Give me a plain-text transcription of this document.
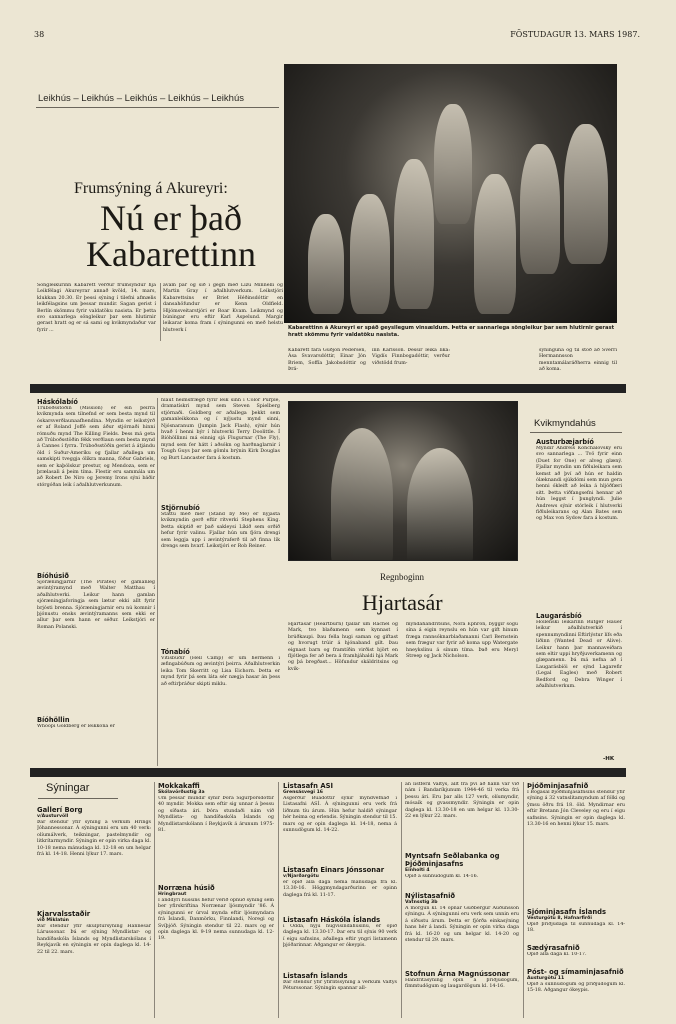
38	FÖSTUDAGUR 13. MARS 1987.
Leikhús – Leikhús – Leikhús – Leikhús – Leikhús
Frumsýning á Akureyri:
Nú er það
Kabarettinn
Söngleikurinn Kabarett verður frumsýndur hjá Leikfélagi Akureyrar annað kvöld, 14. mars, klukkan 20.30. Er þessi sýning í tilefni afmælis leikfélagsins um þessar mundir. Sagan gerist í Berlín skömmu fyrir valdatöku nasista. Er þetta svo sannarlega söngleikur þar sem hlutirnir gerast hratt og er sá sami og kvikmyndaður var fyrir ...
ávam þar og síð í gegn með Lizu Minnelli og Martin Gray í aðalhlutverkum. Leikstjóri Kabarettsins er Briet Héðinsdóttir en dansahöfundur er Kenn Oldfield. Hljómsveitarstjóri er Roar Kvam. Leikmynd og búningar eru eftir Karl Aspelund. Margir leikarar koma fram í sýningunni en með helstu hlutverk í	Kabarettinn á Akureyri er spáð geysilegum vinsældum. Þetta er sannarlega söngleikur þar sem hlutirnir gerast hratt skömmu fyrir valdatöku nasista.
Kabarett fara Guðjón Pedersen, Ása Svavarsdóttir, Einar Jón Briem, Soffía Jakobsdóttir og Þrá-
inn Karlsson. Þessir leika líka: Vigdís Finnbogadóttir, verður viðstödd frum-
sýninguna og til stóð að Sverri Hermannsson menntamálaráðherra einnig til að koma.
Háskólabíó
Trúboðsstöðin (Mission) er ein þeirra kvikmynda sem tilnefnd er sem besta mynd til óskarsverðlaunaafhendina. Myndin er leikstýrð er af Roland Joffé sem áður stjórnaði hinni rómuðu mynd The Killing Fields. Þess má geta að Trúboðsstöðin fékk verðlaun sem besta mynd á Cannes í fyrra. Trúboðsstöðin gerist á átjándu öld í Suður-Ameríku og fjallar aðallega um samskipti tveggja ólíkra manna, föður Gabriels, sem er kaþólskur prestur, og Mendoza, sem er þrælasali á þeim tíma. Flestir eru sammála um að Robert De Niro og Jeremy Irons sýni báðir stórgóðan leik í aðalhlutverkunum.
Bíóhúsið
Sjóræningjarnir (The Pirates) er gamanleg ævintýramynd með Walter Matthau í aðalhlutverki. Leikur hann gamlan sjóræningjaforingja sem lætur ekki allt fyrir brjósti brenna. Sjóræningjarnir eru nú komnir í þjónustu ensks ævintýramanns sem ekki er allur þar sem hann er séður. Leikstjóri er Roman Polanski.
Bíóhöllin
Whoopi Goldberg er leikkona er
hlaut heimsfrægð fyrir leik sinn í Color Purple, dramatískri mynd sem Steven Spielberg stjórnaði. Goldberg er aðallega þekkt sem gamanleikkona og í nýjustu mynd sinni, Njósnaranum (Jumpin Jack Flash), sýnir hún hvað í henni býr í hlutverki Terry Doolittle. Í Bíóhöllinni má einnig sjá Flugurnar (The Fly), mynd sem fer hátt í aðsókn og harðnaglarnir í Tough Guys þar sem gömlu brýnin Kirk Douglas og Burt Lancaster fara á kostum.
Stjörnubíó
Stattu með mér (Stand by Me) er nýjasta kvikmyndin gerð eftir ritverki Stephens King. Þetta skiptið er það sakleysi Líkið sem orðið hefur fyrir valinu. Fjallar hún um fjóra drengi sem leggja upp í ævintýraferð til að finna lík drengs sem hvarf. Leikstjóri er Rob Reiner.
Tónabíó
Vítisbúðir (Hell Camp) er um hermenn í æfingabúðum og ævintýri þeirra. Aðalhlutverkin leika Tom Skerritt og Lisa Eichorn. Þetta er mynd fyrir þá sem láta sér nægja hasar án þess að eftirþráður skipti miklu.
Regnboginn
Hjartasár
Hjartasár (Heartburn) fjallar um Rachel og Mark, tvo blaðamenn sem kynnast í brúðkaupi. Þau fella hugi saman og giftast og hvorugt trúir á hjónaband gilt. Þau eignast barn og framtíðin virðist björt en fljótlega fer að bera á framhjáhaldi hjá Mark og þá bregðast... Höfundur skáldritsins og kvik-
myndahandritsins, Nora Ephron, byggir sögu sína á eigin reynslu en hún var gift hinum fræga rannsóknarblaðamanni Carl Bernstein sem frægur var fyrir að koma upp Watergate hneykslinu á sínum tíma. Það eru Meryl Streep og Jack Nicholson.
Kvikmyndahús
Austurbæjarbíó
Myndir Andreis Konchalovsky eru svo sannarlega ... Tvö fyrir einn (Duet for One) er alveg glæný. Fjallar myndin um fiðluleikara sem kemst að því að hún er haldin ólæknandi sjúkdómi sem mun gera henni ókleift að leika á hljóðfæri sitt. Þetta viðfangsefni hennar að hún leggst í þunglyndi. Julie Andrews sýnir stórleik í hlutverki fiðluleikarans og Alan Bates sem og Max von Sydow fara á kostum.
Laugarásbíó
Hollenski leikarinn Rutger Hauer leikur aðalhlutverkið í spennumyndinni Eftirlýstur lífs eða liðinn (Wanted Dead or Alive). Leikur hann þar mannaveiðara sem eltir uppi hryðjuverkamenn og glæpamenn. Þá má nefna að í Laugarásbíói er sýnd Lagarefir (Legal Eagles) með Robert Redford og Debra Winger í aðalhlutverkum.
-HK
Sýningar
Gallerí Borg
v/Austurvöll
Þar stendur yfir sýning á verkum Hrings Jóhannessonar. Á sýningunni eru um 40 verk: olíumálverk, teikningar, pastelmyndir og litkrítarmyndir. Sýningin er opin virka daga kl. 10-18 nema mánudaga kl. 12-18 en um helgar frá kl. 14-18. Henni lýkur 17. mars.
Kjarvalsstaðir
við Miklatún
Þar stendur yfir skúlptúrsýning Hannesar Lárussonar. Þá er sýning Myndlistar- og handíðaskóla Íslands og Myndlistarskólans í Reykjavík en sýningin er opin daglega kl. 14-22 til 22. mars.
Mokkakaffi
Skólavörðustíg 3a
Um þessar mundir sýnir Þóra Sigurþórsdóttir 40 myndir. Mokka sem eftir sig unnar á þessu og síðasta ári. Þóra stundaði nám við Myndlista- og handíðaskóla Íslands og Myndlistarskólann í Reykjavík á árunum 1975-81.
Norræna húsið
Hringbraut
Í anddyri hússins hefur verið opnuð sýning sem ber yfirskriftina Norrænar ljósmyndir '86. Á sýningunni er úrval mynda eftir ljósmyndara frá Íslandi, Danmörku, Finnlandi, Noregi og Svíþjóð. Sýningin stendur til 22. mars og er opin daglega kl. 9-19 nema sunnudaga kl. 12-19.
Listasafn ASÍ
Grensásvegi 16
Ásgerður Búadóttir sýnir myndvefnað í Listasafni ASÍ. Á sýningunni eru verk frá liðnum tíu árum. Hún hefur haldið sýningar hér heima og erlendis. Sýningin stendur til 15. mars og er opin daglega kl. 14-18, nema á sunnudögum kl. 14-22.
Listasafn Einars Jónssonar
v/Njarðargötu
er opið alla daga nema mánudaga frá kl. 13.30-16. Höggmyndagarðurinn er opinn daglega frá kl. 11-17.
Listasafn Háskóla Íslands
í Odda, nýju hugvísindahúsinu, er opið daglega kl. 13.30-17. Þar eru til sýnis 90 verk í eigu safnsins, aðallega eftir yngri listamenn þjóðarinnar. Aðgangur er ókeypis.
Listasafn Íslands
Þar stendur yfir yfirlitssýning á verkum Valtýs Péturssonar. Sýningin spannar all-
an listferil Valtýs, allt frá því að hann var við nám í Bandaríkjunum 1944-46 til verka frá þessu ári. Eru þar alls 127 verk, olíumyndir, mósaík og gvassmyndir. Sýningin er opin daglega kl. 13.30-18 en um helgar kl. 13.30-22 en lýkur 22. mars.
Myntsafn Seðlabanka og Þjóðminjasafns
Einholti 4
Opið á sunnudögum kl. 14-16.
Nýlistasafnið
Vatnsstíg 3b
Á morgun kl. 14 opnar Guðbergur Auðunsson sýningu. Á sýningunni eru verk sem unnin eru á síðustu árum. Þetta er fjórða einkasýning hans hér á landi. Sýningin er opin virka daga frá kl. 16-20 og um helgar kl. 14-20 og stendur til 29. mars.
Stofnun Árna Magnússonar
Handritasýning opin á þriðjudögum, fimmtudögum og laugardögum kl. 14-16.
Þjóðminjasafnið
Í Bogasal Þjóðminjasafnsins stendur yfir sýning á 32 vatnslitamyndum af fólki og ýmsu öðru frá 18. öld. Myndirnar eru eftir Bretann Jón Cleveley og eru í eigu safnsins. Sýningin er opin daglega kl. 13.30-16 en henni lýkur 15. mars.
Sjóminjasafn Íslands
Vesturgötu 8, Hafnarfirði
Opið þriðjudaga til sunnudaga kl. 14-18.
Sædýrasafnið
Opið alla daga kl. 10-17.
Póst- og símaminjasafnið
Austurgötu 11
Opið á sunnudögum og þriðjudögum kl. 15-18. Aðgangur ókeypis.
